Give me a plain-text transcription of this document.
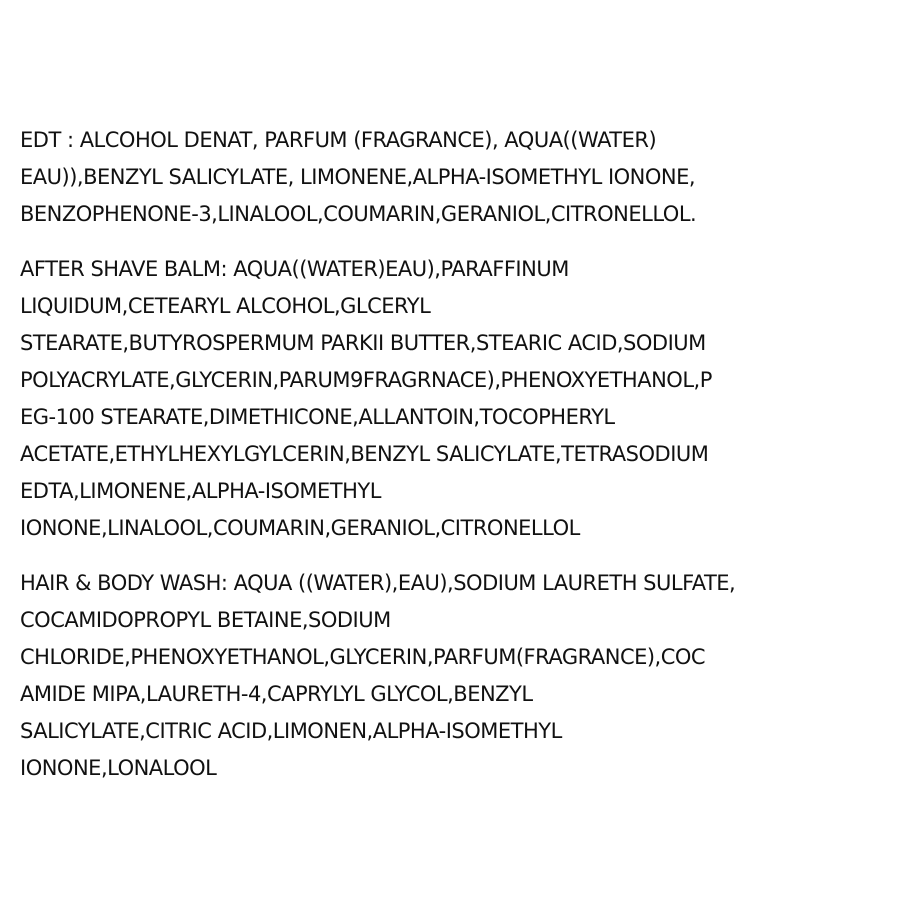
EDT : ALCOHOL DENAT, PARFUM (FRAGRANCE), AQUA((WATER)
EAU)),BENZYL SALICYLATE, LIMONENE,ALPHA-ISOMETHYL IONONE,
BENZOPHENONE-3,LINALOOL,COUMARIN,GERANIOL,CITRONELLOL.
AFTER SHAVE BALM: AQUA((WATER)EAU),PARAFFINUM
LIQUIDUM,CETEARYL ALCOHOL,GLCERYL
STEARATE,BUTYROSPERMUM PARKII BUTTER,STEARIC ACID,SODIUM
POLYACRYLATE,GLYCERIN,PARUM9FRAGRNACE),PHENOXYETHANOL,P
EG-100 STEARATE,DIMETHICONE,ALLANTOIN,TOCOPHERYL
ACETATE,ETHYLHEXYLGYLCERIN,BENZYL SALICYLATE,TETRASODIUM
EDTA,LIMONENE,ALPHA-ISOMETHYL
IONONE,LINALOOL,COUMARIN,GERANIOL,CITRONELLOL
HAIR & BODY WASH: AQUA ((WATER),EAU),SODIUM LAURETH SULFATE,
COCAMIDOPROPYL BETAINE,SODIUM
CHLORIDE,PHENOXYETHANOL,GLYCERIN,PARFUM(FRAGRANCE),COC
AMIDE MIPA,LAURETH-4,CAPRYLYL GLYCOL,BENZYL
SALICYLATE,CITRIC ACID,LIMONEN,ALPHA-ISOMETHYL
IONONE,LONALOOL
